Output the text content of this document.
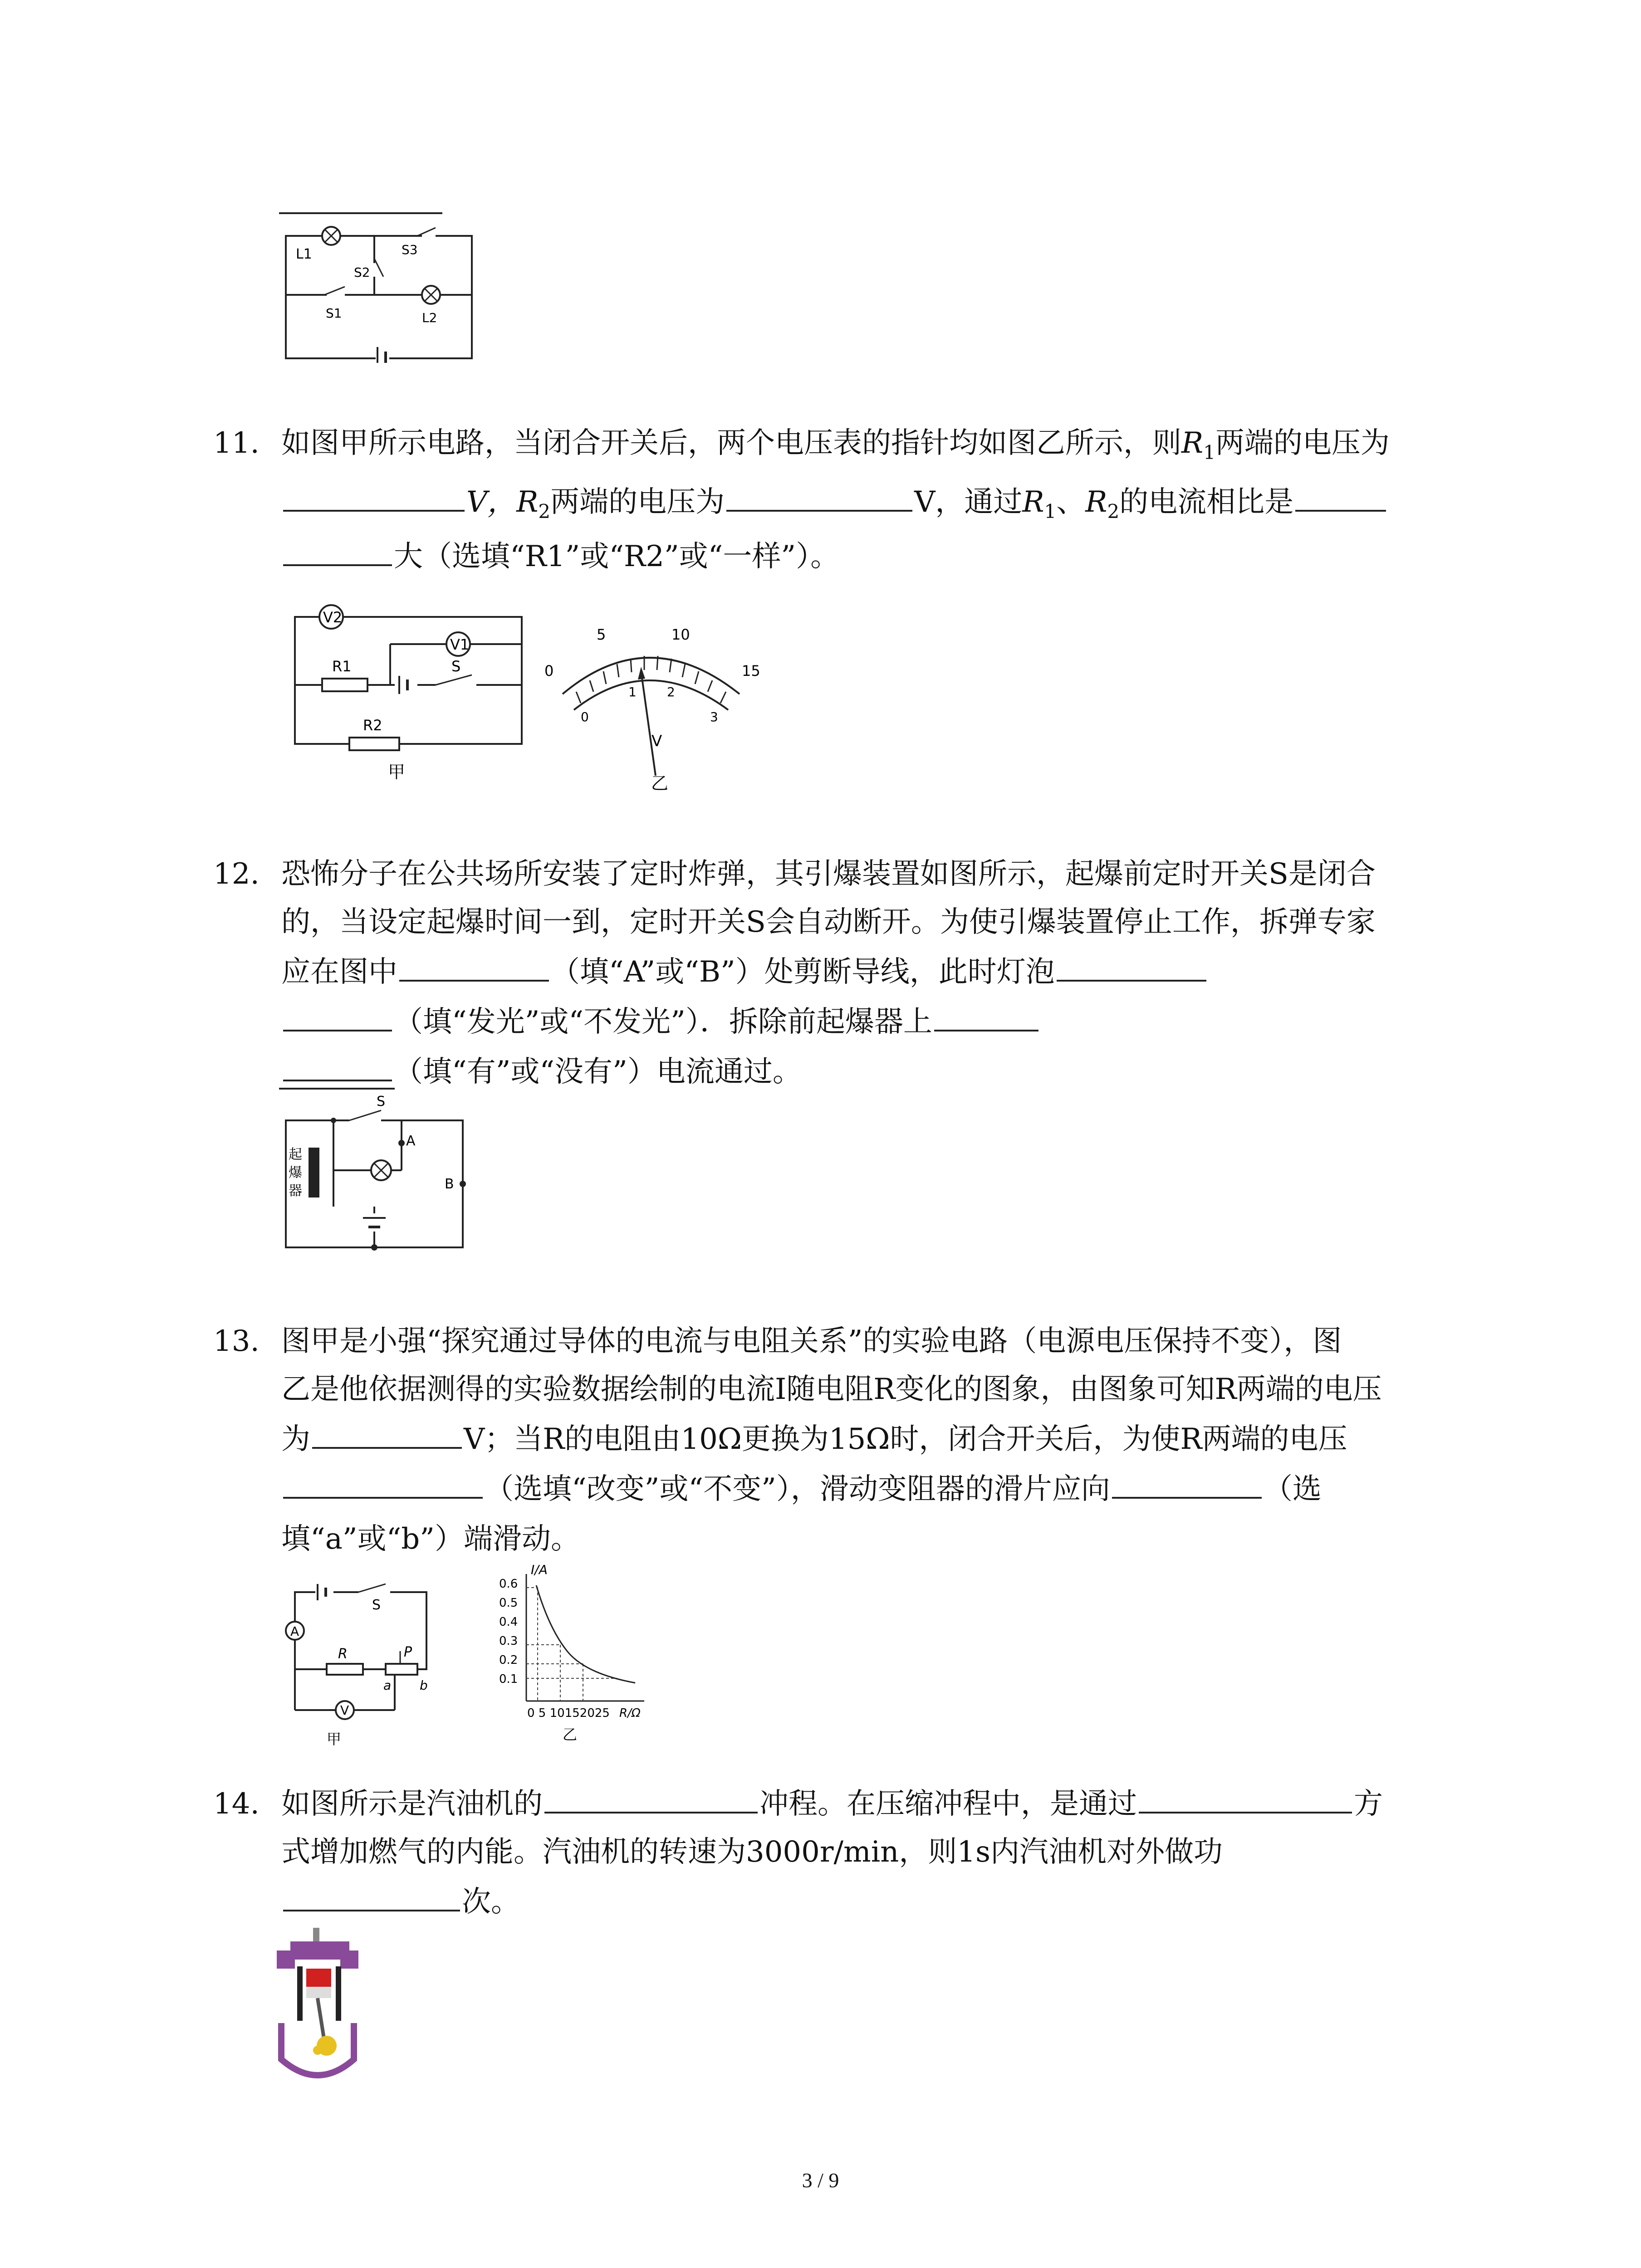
L1
S2
S3
S1	L2
11. 如图甲所示电路，当闭合开关后，两个电压表的指针均如图乙所示，则$R_1$两端的电压为
V，$R_2$两端的电压为	V，通过$R_1$、$R_2$的电流相比是
大（选填“R1”或“R2”或“一样”）。
V2
V1
R1	S
R2
甲
0
5	10
15
0
1 2
3
V
乙
12. 恐怖分子在公共场所安装了定时炸弹，其引爆装置如图所示，起爆前定时开关S是闭合
的，当设定起爆时间一到，定时开关S会自动断开。为使引爆装置停止工作，拆弹专家
应在图中	（填“A”或“B”）处剪断导线，此时灯泡
（填“发光”或“不发光”）．拆除前起爆器上
（填“有”或“没有”）电流通过。
S
A
B
起
爆
器
13. 图甲是小强“探究通过导体的电流与电阻关系”的实验电路（电源电压保持不变），图
乙是他依据测得的实验数据绘制的电流I随电阻R变化的图象，由图象可知R两端的电压
为	V；当R的电阻由10Ω更换为15Ω时，闭合开关后，为使R两端的电压
（选填“改变”或“不变”），滑动变阻器的滑片应向	（选
填“a”或“b”）端滑动。
S
A
R	P
a b
V
甲
I/A
0.6
0.5
0.4
0.3
0.2
0.1
0 5 10152025 R/Ω
乙
14. 如图所示是汽油机的	冲程。在压缩冲程中，是通过	方
式增加燃气的内能。汽油机的转速为3000r/min，则1s内汽油机对外做功
次。
3 / 9
